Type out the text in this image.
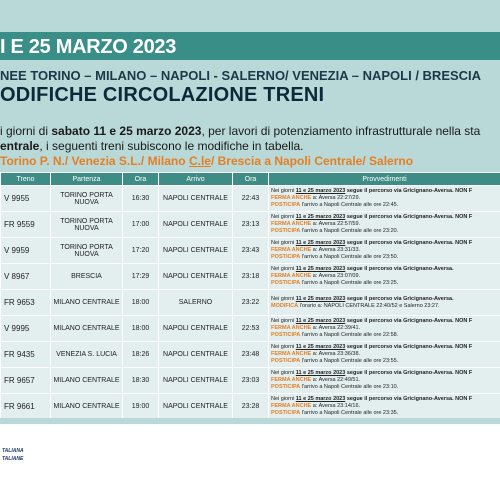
I E 25 MARZO 2023
NEE TORINO – MILANO – NAPOLI - SALERNO/ VENEZIA – NAPOLI / BRESCIA
ODIFICHE CIRCOLAZIONE TRENI
i giorni di sabato 11 e 25 marzo 2023, per lavori di potenziamento infrastrutturale nella sta
entrale, i seguenti treni subiscono le modifiche in tabella.
Torino P. N./ Venezia S.L./ Milano C.le/ Brescia a Napoli Centrale/ Salerno
Treno	Partenza	Ora	Arrivo	Ora	Provvedimenti
V 9955	TORINO PORTA NUOVA	16:30	NAPOLI CENTRALE	22:43	Nei giorni 11 e 25 marzo 2023 segue il percorso via Gricignano-Aversa. NON F
FERMA ANCHE a: Aversa 22:27/29.
POSTICIPA l'arrivo a Napoli Centrale alle ore 22:45.

FR 9559	TORINO PORTA NUOVA	17:00	NAPOLI CENTRALE	23:13	Nei giorni 11 e 25 marzo 2023 segue il percorso via Gricignano-Aversa. NON F
FERMA ANCHE a: Aversa 22:57/59.
POSTICIPA l'arrivo a Napoli Centrale alle ore 23:20.

V 9959	TORINO PORTA NUOVA	17:20	NAPOLI CENTRALE	23:43	Nei giorni 11 e 25 marzo 2023 segue il percorso via Gricignano-Aversa. NON F
FERMA ANCHE a: Aversa 23:31/33.
POSTICIPA l'arrivo a Napoli Centrale alle ore 23:50.

V 8967	BRESCIA	17:29	NAPOLI CENTRALE	23:18	Nei giorni 11 e 25 marzo 2023 segue il percorso via Gricignano-Aversa.
FERMA ANCHE a: Aversa 23:07/09.
POSTICIPA l'arrivo a Napoli Centrale alle ore 23:25.

FR 9653	MILANO CENTRALE	18:00	SALERNO	23:22	Nei giorni 11 e 25 marzo 2023 segue il percorso via Gricignano-Aversa.
MODIFICA l'orario a: NAPOLI CENTRALE 22:40/52 e Salerno 23:27.

V 9995	MILANO CENTRALE	18:00	NAPOLI CENTRALE	22:53	Nei giorni 11 e 25 marzo 2023 segue il percorso via Gricignano-Aversa. NON F
FERMA ANCHE a: Aversa 22:39/41.
POSTICIPA l'arrivo a Napoli Centrale alle ore 22:58.

FR 9435	VENEZIA S. LUCIA	18:26	NAPOLI CENTRALE	23:48	Nei giorni 11 e 25 marzo 2023 segue il percorso via Gricignano-Aversa. NON F
FERMA ANCHE a: Aversa 23:36/38.
POSTICIPA l'arrivo a Napoli Centrale alle ore 23:55.

FR 9657	MILANO CENTRALE	18:30	NAPOLI CENTRALE	23:03	Nei giorni 11 e 25 marzo 2023 segue il percorso via Gricignano-Aversa. NON F
FERMA ANCHE a: Aversa 22:49/51.
POSTICIPA l'arrivo a Napoli Centrale alle ore 23:10.

FR 9661	MILANO CENTRALE	19:00	NAPOLI CENTRALE	23:28	Nei giorni 11 e 25 marzo 2023 segue il percorso via Gricignano-Aversa. NON F
FERMA ANCHE a: Aversa 23:14/16.
POSTICIPA l'arrivo a Napoli Centrale alle ore 23:35.
TALIANA
TALIANE
